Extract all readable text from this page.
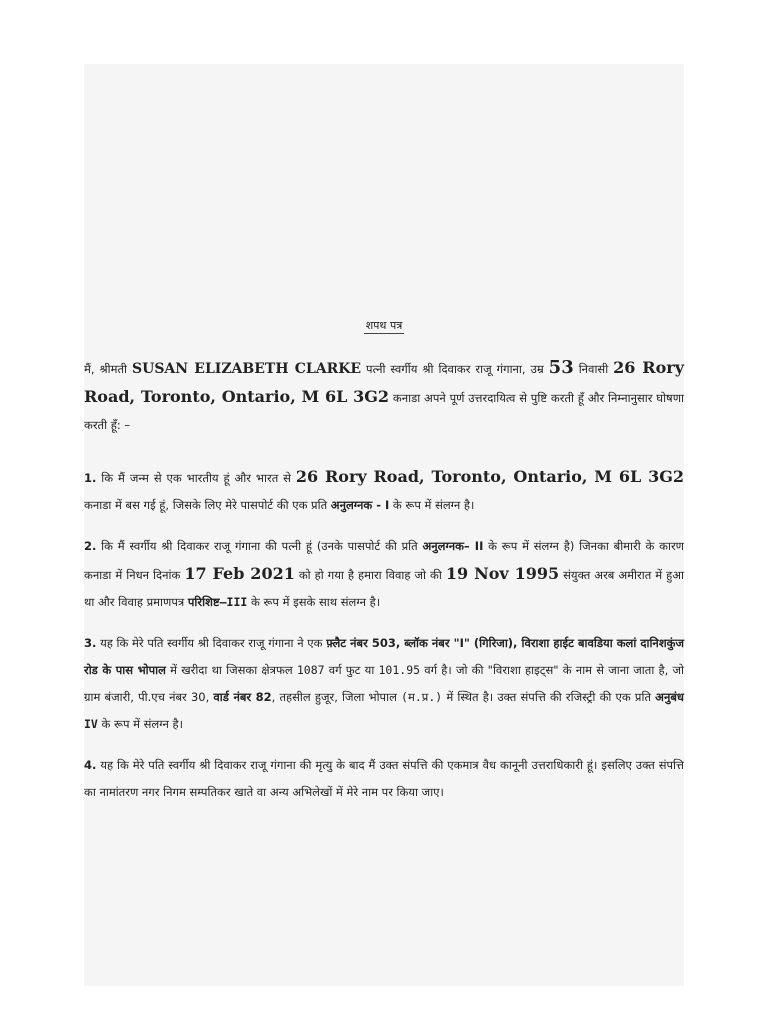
शपथ पत्र

मैं, श्रीमती SUSAN ELIZABETH CLARKE पत्नी स्वर्गीय श्री दिवाकर राजू गंगाना, उम्र 53 निवासी 26 Rory Road, Toronto, Ontario, M 6L 3G2 कनाडा अपने पूर्ण उत्तरदायित्व से पुष्टि करती हूँ और निम्नानुसार घोषणा करती हूँ: –

1. कि मैं जन्म से एक भारतीय हूं और भारत से 26 Rory Road, Toronto, Ontario, M 6L 3G2 कनाडा में बस गई हूं, जिसके लिए मेरे पासपोर्ट की एक प्रति अनुलग्नक - I के रूप में संलग्न है।

2. कि मैं स्वर्गीय श्री दिवाकर राजू गंगाना की पत्नी हूं (उनके पासपोर्ट की प्रति अनुलग्नक– II के रूप में संलग्न है) जिनका बीमारी के कारण कनाडा में निधन दिनांक 17 Feb 2021 को हो गया है हमारा विवाह जो की 19 Nov 1995 संयुक्त अरब अमीरात में हुआ था और विवाह प्रमाणपत्र परिशिष्ट–III के रूप में इसके साथ संलग्न है।

3. यह कि मेरे पति स्वर्गीय श्री दिवाकर राजू गंगाना ने एक फ़्लैट नंबर 503, ब्लॉक नंबर "I" (गिरिजा), विराशा हाईट बावडिया कलां दानिशकुंज रोड के पास भोपाल में खरीदा था जिसका क्षेत्रफल 1087 वर्ग फुट या 101.95 वर्ग है। जो की "विराशा हाइट्स" के नाम से जाना जाता है, जो ग्राम बंजारी, पी.एच नंबर 30, वार्ड नंबर 82, तहसील हुजूर, जिला भोपाल (म.प्र.) में स्थित है। उक्त संपत्ति की रजिस्ट्री की एक प्रति अनुबंध IV के रूप में संलग्न है।

4. यह कि मेरे पति स्वर्गीय श्री दिवाकर राजू गंगाना की मृत्यु के बाद मैं उक्त संपत्ति की एकमात्र वैध कानूनी उत्तराधिकारी हूं। इसलिए उक्त संपत्ति का नामांतरण नगर निगम सम्पतिकर खाते वा अन्य अभिलेखों में मेरे नाम पर किया जाए।
